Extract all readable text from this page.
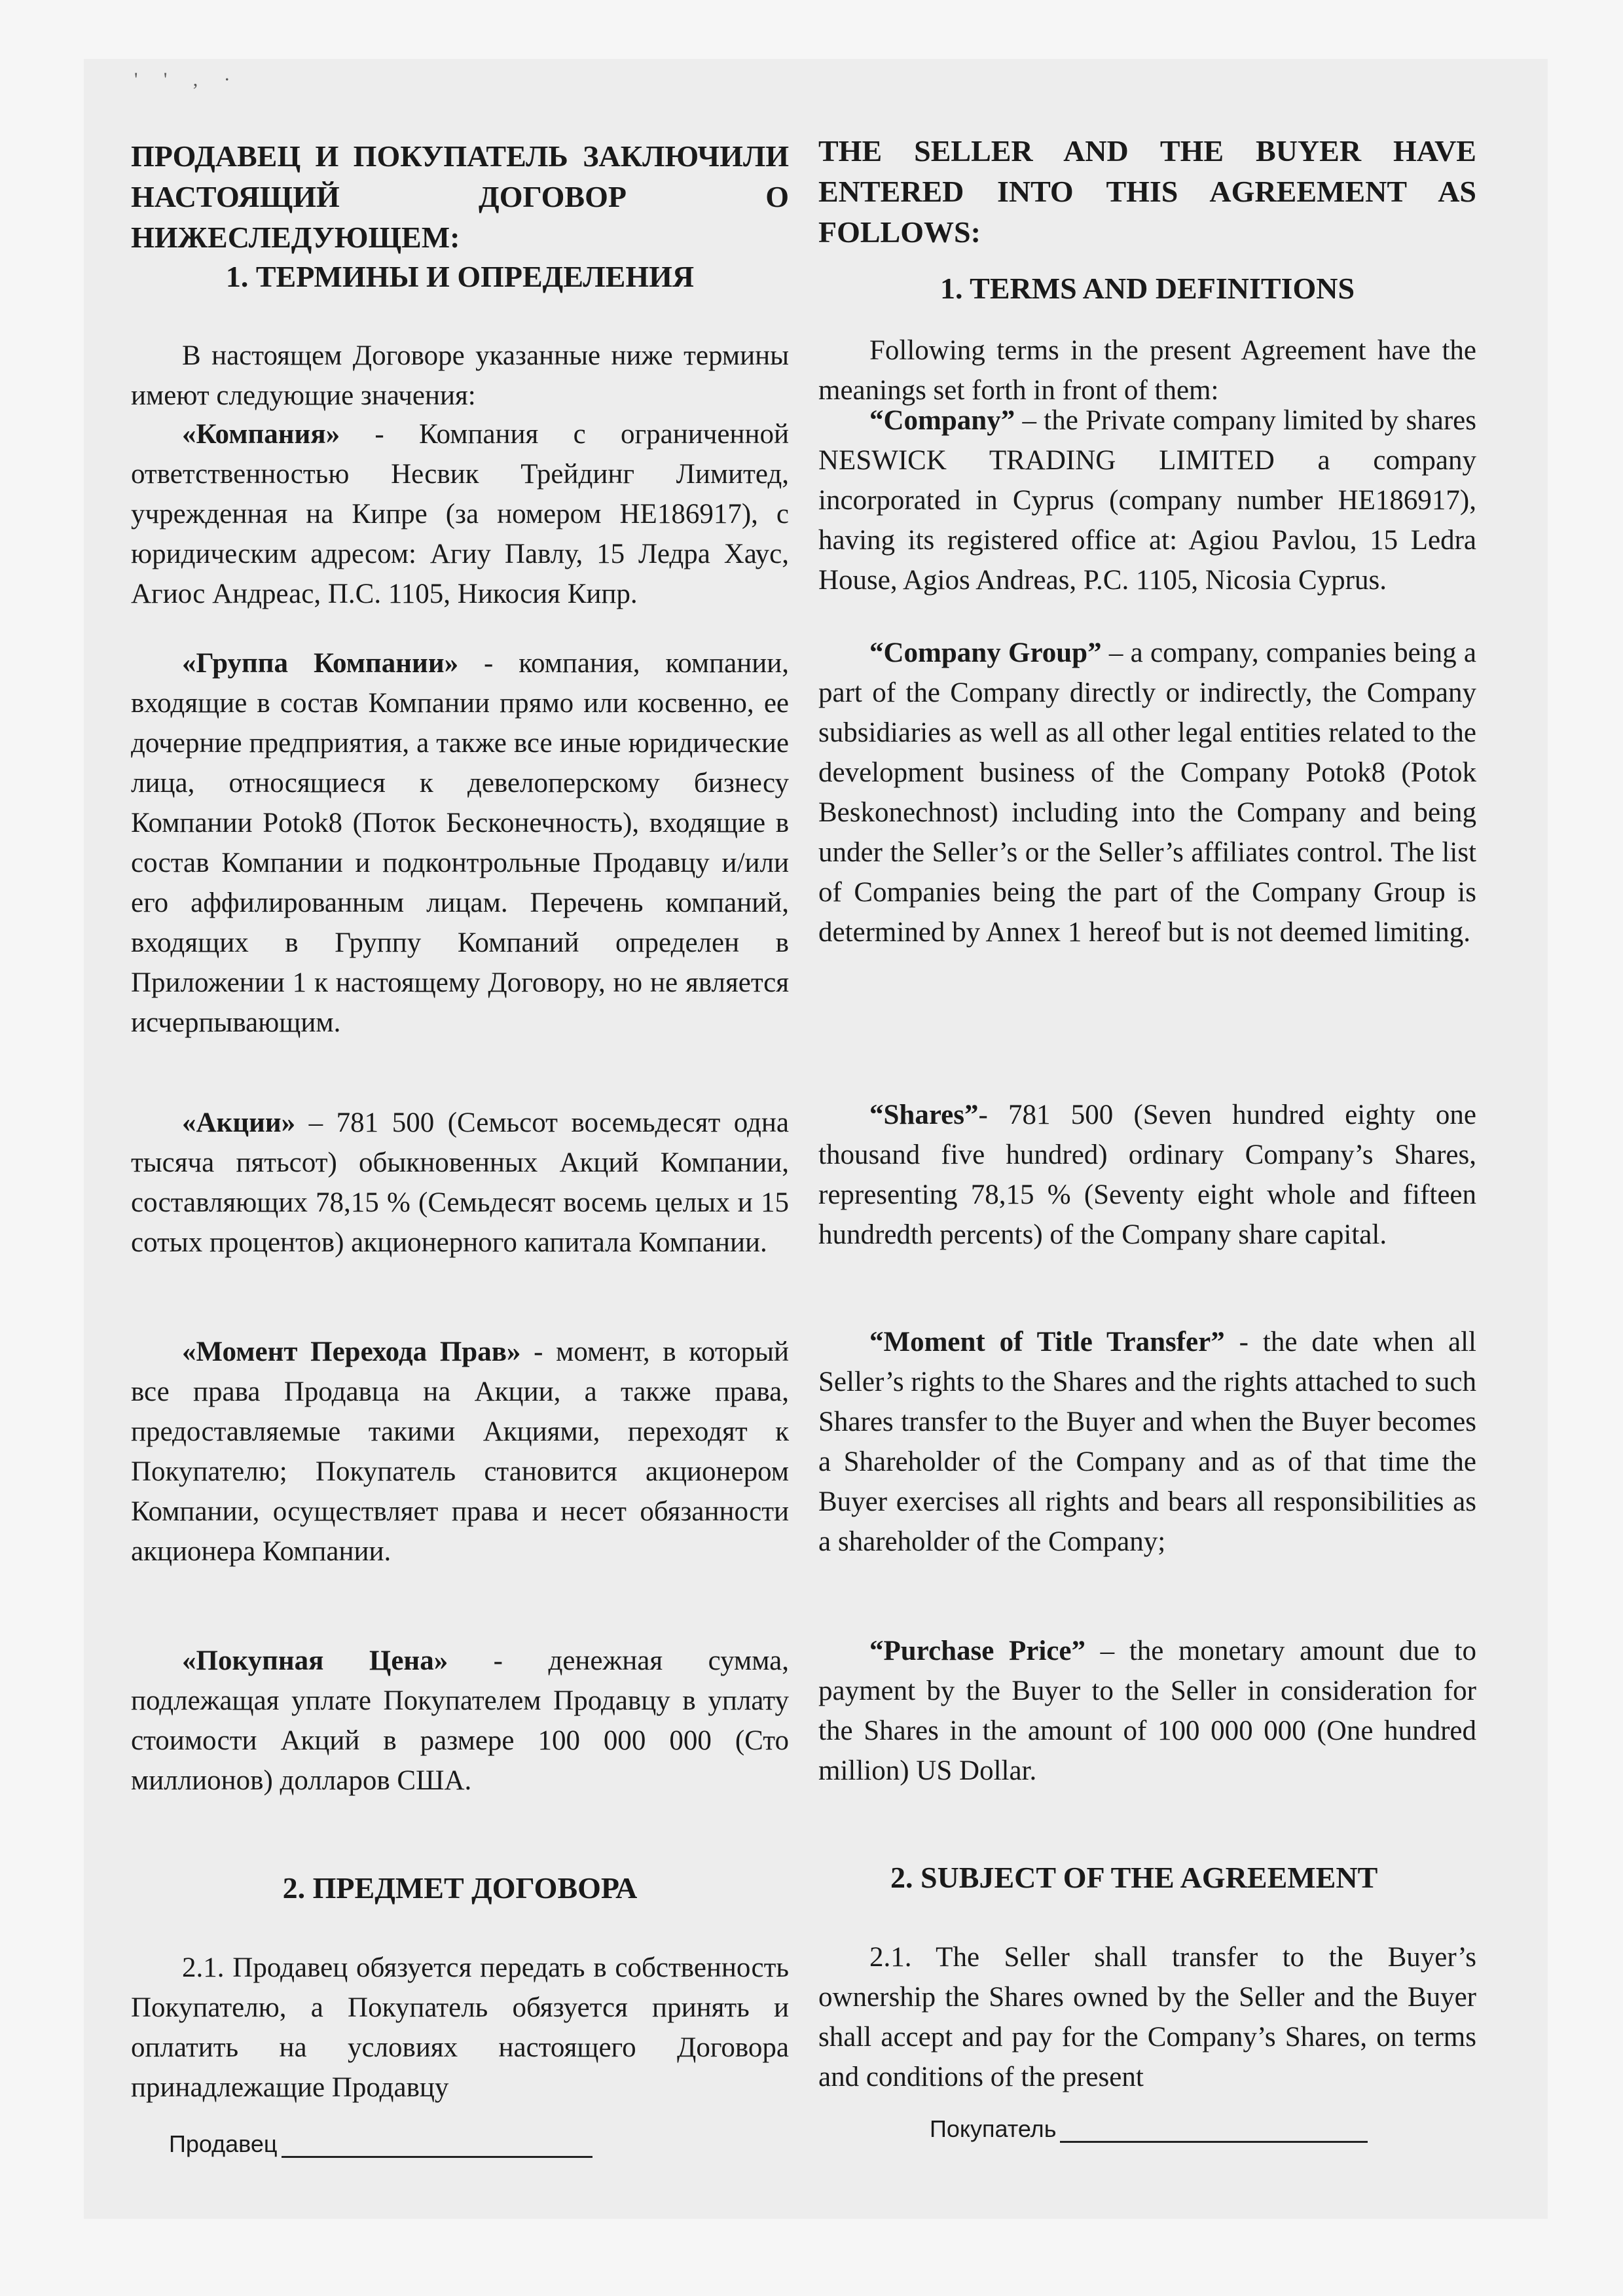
' ' , ·
ПРОДАВЕЦ И ПОКУПАТЕЛЬ ЗАКЛЮЧИЛИ НАСТОЯЩИЙ ДОГОВОР О НИЖЕСЛЕДУЮЩЕМ:
1. ТЕРМИНЫ И ОПРЕДЕЛЕНИЯ
В настоящем Договоре указанные ниже термины имеют следующие значения:
«Компания» - Компания с ограниченной ответственностью Несвик Трейдинг Лимитед, учрежденная на Кипре (за номером HE186917), с юридическим адресом: Агиу Павлу, 15 Ледра Хаус, Агиос Андреас, П.С. 1105, Никосия Кипр.
«Группа Компании» - компания, компании, входящие в состав Компании прямо или косвенно, ее дочерние предприятия, а также все иные юридические лица, относящиеся к девелоперскому бизнесу Компании Potok8 (Поток Бесконечность), входящие в состав Компании и подконтрольные Продавцу и/или его аффилированным лицам. Перечень компаний, входящих в Группу Компаний определен в Приложении 1 к настоящему Договору, но не является исчерпывающим.
«Акции» – 781 500 (Семьсот восемьдесят одна тысяча пятьсот) обыкновенных Акций Компании, составляющих 78,15 % (Семьдесят восемь целых и 15 сотых процентов) акционерного капитала Компании.
«Момент Перехода Прав» - момент, в который все права Продавца на Акции, а также права, предоставляемые такими Акциями, переходят к Покупателю; Покупатель становится акционером Компании, осуществляет права и несет обязанности акционера Компании.
«Покупная Цена» - денежная сумма, подлежащая уплате Покупателем Продавцу в уплату стоимости Акций в размере 100 000 000 (Сто миллионов) долларов США.
2. ПРЕДМЕТ ДОГОВОРА
2.1. Продавец обязуется передать в собственность Покупателю, а Покупатель обязуется принять и оплатить на условиях настоящего Договора принадлежащие Продавцу
THE SELLER AND THE BUYER HAVE ENTERED INTO THIS AGREEMENT AS FOLLOWS:
1. TERMS AND DEFINITIONS
Following terms in the present Agreement have the meanings set forth in front of them:
“Company” – the Private company limited by shares NESWICK TRADING LIMITED a company incorporated in Cyprus (company number HE186917), having its registered office at: Agiou Pavlou, 15 Ledra House, Agios Andreas, P.C. 1105, Nicosia Cyprus.
“Company Group” – a company, companies being a part of the Company directly or indirectly, the Company subsidiaries as well as all other legal entities related to the development business of the Company Potok8 (Potok Beskonechnost) including into the Company and being under the Seller’s or the Seller’s affiliates control. The list of Companies being the part of the Company Group is determined by Annex 1 hereof but is not deemed limiting.
“Shares”- 781 500 (Seven hundred eighty one thousand five hundred) ordinary Company’s Shares, representing 78,15 % (Seventy eight whole and fifteen hundredth percents) of the Company share capital.
“Moment of Title Transfer” - the date when all Seller’s rights to the Shares and the rights attached to such Shares transfer to the Buyer and when the Buyer becomes a Shareholder of the Company and as of that time the Buyer exercises all rights and bears all responsibilities as a shareholder of the Company;
“Purchase Price” – the monetary amount due to payment by the Buyer to the Seller in consideration for the Shares in the amount of 100 000 000 (One hundred million) US Dollar.
2. SUBJECT OF THE AGREEMENT
2.1. The Seller shall transfer to the Buyer’s ownership the Shares owned by the Seller and the Buyer shall accept and pay for the Company’s Shares, on terms and conditions of the present
Продавец
Покупатель
